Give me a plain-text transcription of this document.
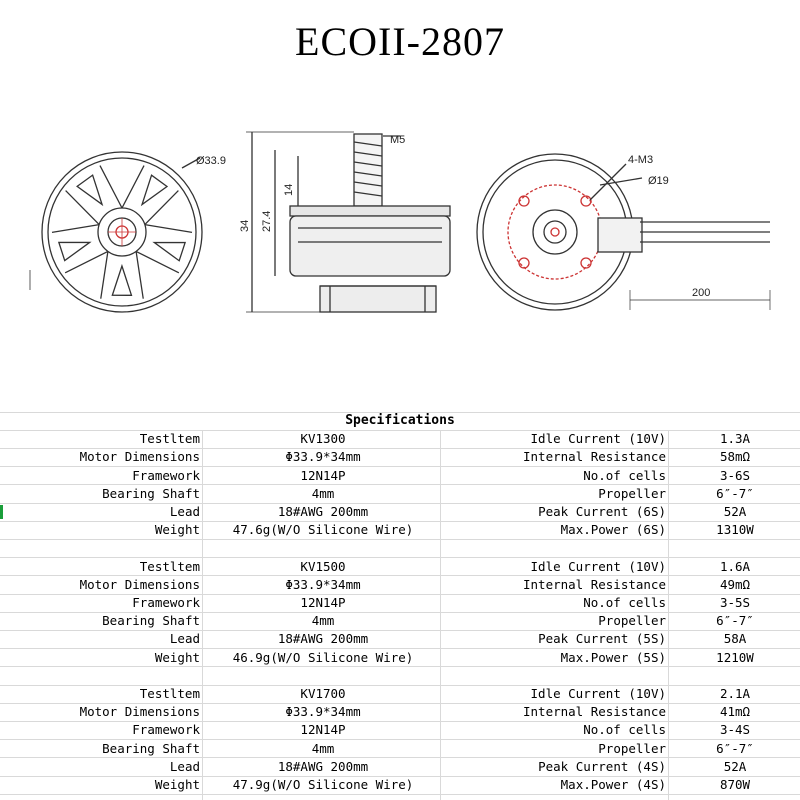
ECOII-2807
Ø33.9
M5
14
27.4
34
4-M3
Ø19
200
Specifications
Testltem	KV1300	Idle Current (10V)	1.3A
Motor Dimensions	Φ33.9*34mm	Internal Resistance	58mΩ
Framework	12N14P	No.of cells	3-6S
Bearing Shaft	4mm	Propeller	6″-7″
Lead	18#AWG 200mm	Peak Current (6S)	52A
Weight	47.6g(W/O Silicone Wire)	Max.Power (6S)	1310W
Testltem	KV1500	Idle Current (10V)	1.6A
Motor Dimensions	Φ33.9*34mm	Internal Resistance	49mΩ
Framework	12N14P	No.of cells	3-5S
Bearing Shaft	4mm	Propeller	6″-7″
Lead	18#AWG 200mm	Peak Current (5S)	58A
Weight	46.9g(W/O Silicone Wire)	Max.Power (5S)	1210W
Testltem	KV1700	Idle Current (10V)	2.1A
Motor Dimensions	Φ33.9*34mm	Internal Resistance	41mΩ
Framework	12N14P	No.of cells	3-4S
Bearing Shaft	4mm	Propeller	6″-7″
Lead	18#AWG 200mm	Peak Current (4S)	52A
Weight	47.9g(W/O Silicone Wire)	Max.Power (4S)	870W
